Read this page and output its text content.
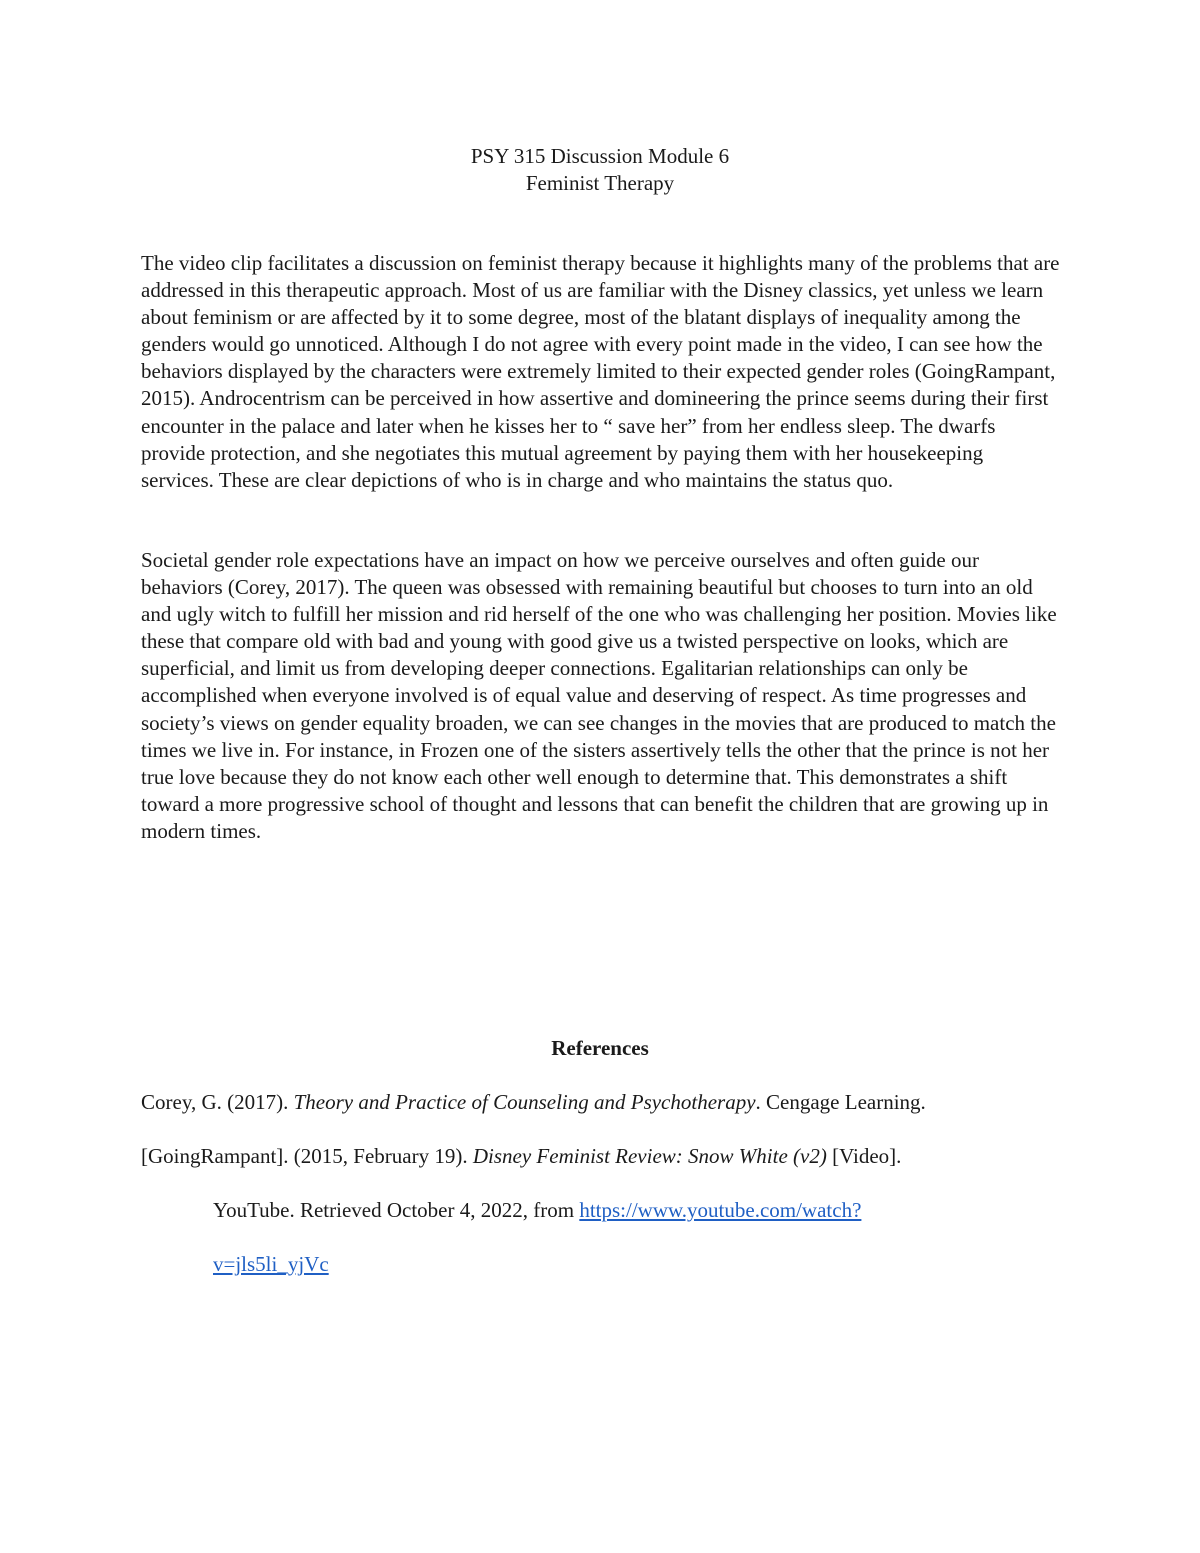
PSY 315 Discussion Module 6
Feminist Therapy

The video clip facilitates a discussion on feminist therapy because it highlights many of the problems that are addressed in this therapeutic approach. Most of us are familiar with the Disney classics, yet unless we learn about feminism or are affected by it to some degree, most of the blatant displays of inequality among the genders would go unnoticed. Although I do not agree with every point made in the video, I can see how the behaviors displayed by the characters were extremely limited to their expected gender roles (GoingRampant, 2015). Androcentrism can be perceived in how assertive and domineering the prince seems during their first encounter in the palace and later when he kisses her to “ save her” from her endless sleep. The dwarfs provide protection, and she negotiates this mutual agreement by paying them with her housekeeping services. These are clear depictions of who is in charge and who maintains the status quo.

Societal gender role expectations have an impact on how we perceive ourselves and often guide our behaviors (Corey, 2017). The queen was obsessed with remaining beautiful but chooses to turn into an old and ugly witch to fulfill her mission and rid herself of the one who was challenging her position. Movies like these that compare old with bad and young with good give us a twisted perspective on looks, which are superficial, and limit us from developing deeper connections. Egalitarian relationships can only be accomplished when everyone involved is of equal value and deserving of respect. As time progresses and society’s views on gender equality broaden, we can see changes in the movies that are produced to match the times we live in. For instance, in Frozen one of the sisters assertively tells the other that the prince is not her true love because they do not know each other well enough to determine that. This demonstrates a shift toward a more progressive school of thought and lessons that can benefit the children that are growing up in modern times.

References

Corey, G. (2017). Theory and Practice of Counseling and Psychotherapy. Cengage Learning.

[GoingRampant]. (2015, February 19). Disney Feminist Review: Snow White (v2) [Video].

YouTube. Retrieved October 4, 2022, from https://www.youtube.com/watch?
v=jls5li_yjVc
